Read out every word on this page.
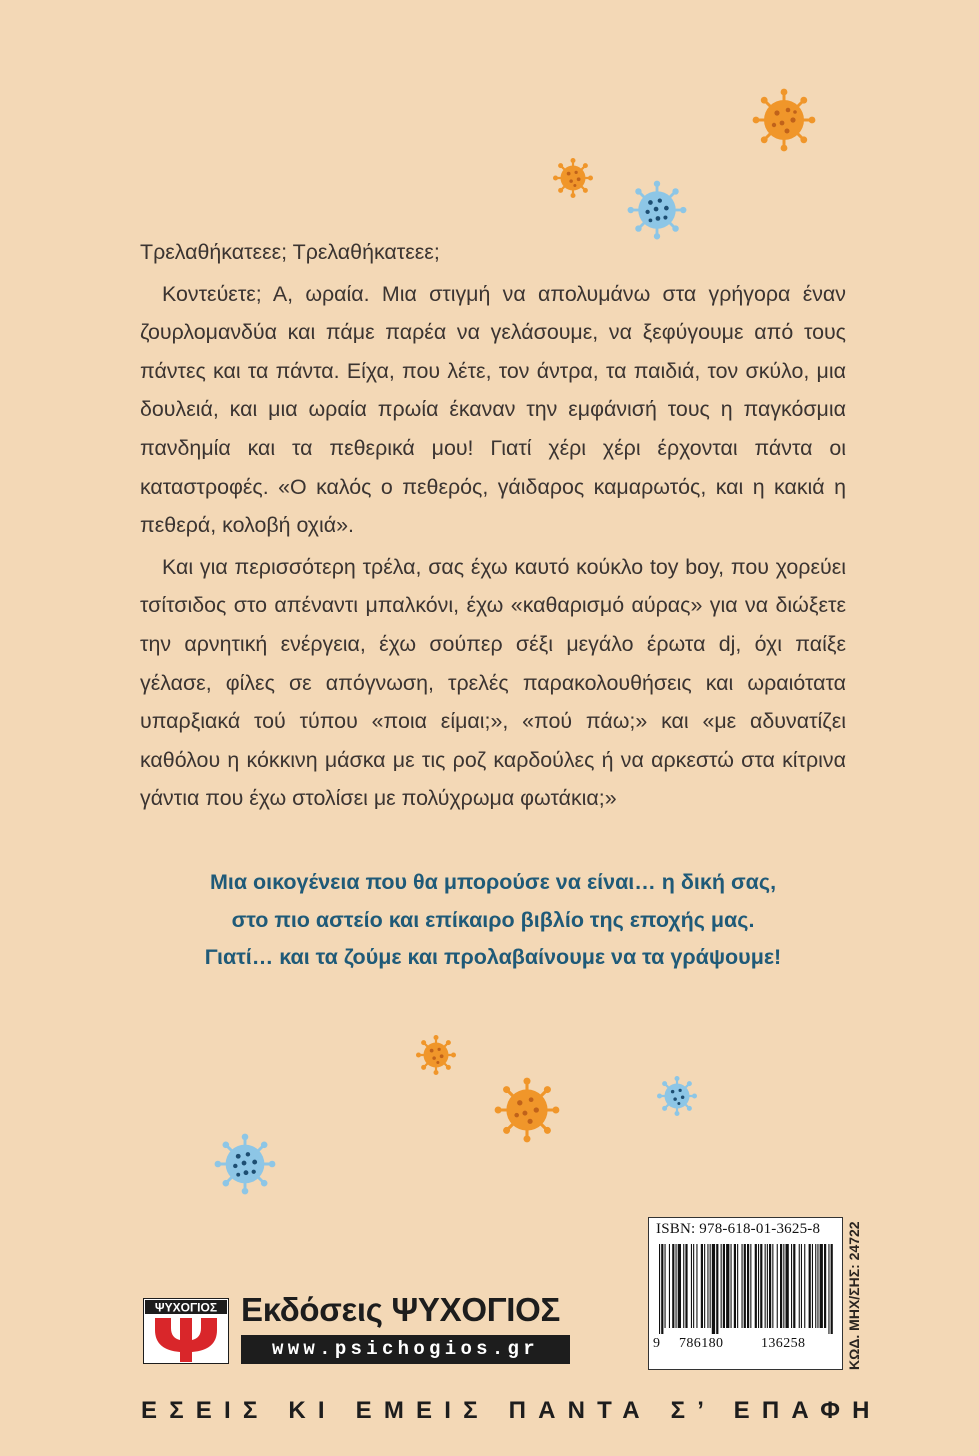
Τρελαθήκατεεε; Τρελαθήκατεεε;

Κοντεύετε; Α, ωραία. Μια στιγμή να απολυμάνω στα γρήγορα έναν ζουρλομανδύα και πάμε παρέα να γελάσουμε, να ξεφύγουμε από τους πάντες και τα πάντα. Είχα, που λέτε, τον άντρα, τα παιδιά, τον σκύλο, μια δουλειά, και μια ωραία πρωία έκαναν την εμφάνισή τους η παγκόσμια πανδημία και τα πεθερικά μου! Γιατί χέρι χέρι έρχονται πάντα οι καταστροφές. «Ο καλός ο πεθερός, γάιδαρος καμαρωτός, και η κακιά η πεθερά, κολοβή οχιά».

Και για περισσότερη τρέλα, σας έχω καυτό κούκλο toy boy, που χορεύει τσίτσιδος στο απέναντι μπαλκόνι, έχω «καθαρισμό αύρας» για να διώξετε την αρνητική ενέργεια, έχω σούπερ σέξι μεγάλο έρωτα dj, όχι παίξε γέλασε, φίλες σε απόγνωση, τρελές παρακολουθήσεις και ωραιότατα υπαρξιακά τού τύπου «ποια είμαι;», «πού πάω;» και «με αδυνατίζει καθόλου η κόκκινη μάσκα με τις ροζ καρδούλες ή να αρκεστώ στα κίτρινα γάντια που έχω στολίσει με πολύχρωμα φωτάκια;»

Μια οικογένεια που θα μπορούσε να είναι… η δική σας,
στο πιο αστείο και επίκαιρο βιβλίο της εποχής μας.
Γιατί… και τα ζούμε και προλαβαίνουμε να τα γράψουμε!
ISBN: 978-618-01-3625-8
9 786180	136258	ΚΩΔ. ΜΗΧ/ΣΗΣ: 24722
ΨΥΧΟΓΙΟΣ Εκδόσεις ΨΥΧΟΓΙΟΣ
www.psichogios.gr
ΕΣΕΙΣ ΚΙ ΕΜΕΙΣ ΠΑΝΤΑ Σ’ ΕΠΑΦΗ
